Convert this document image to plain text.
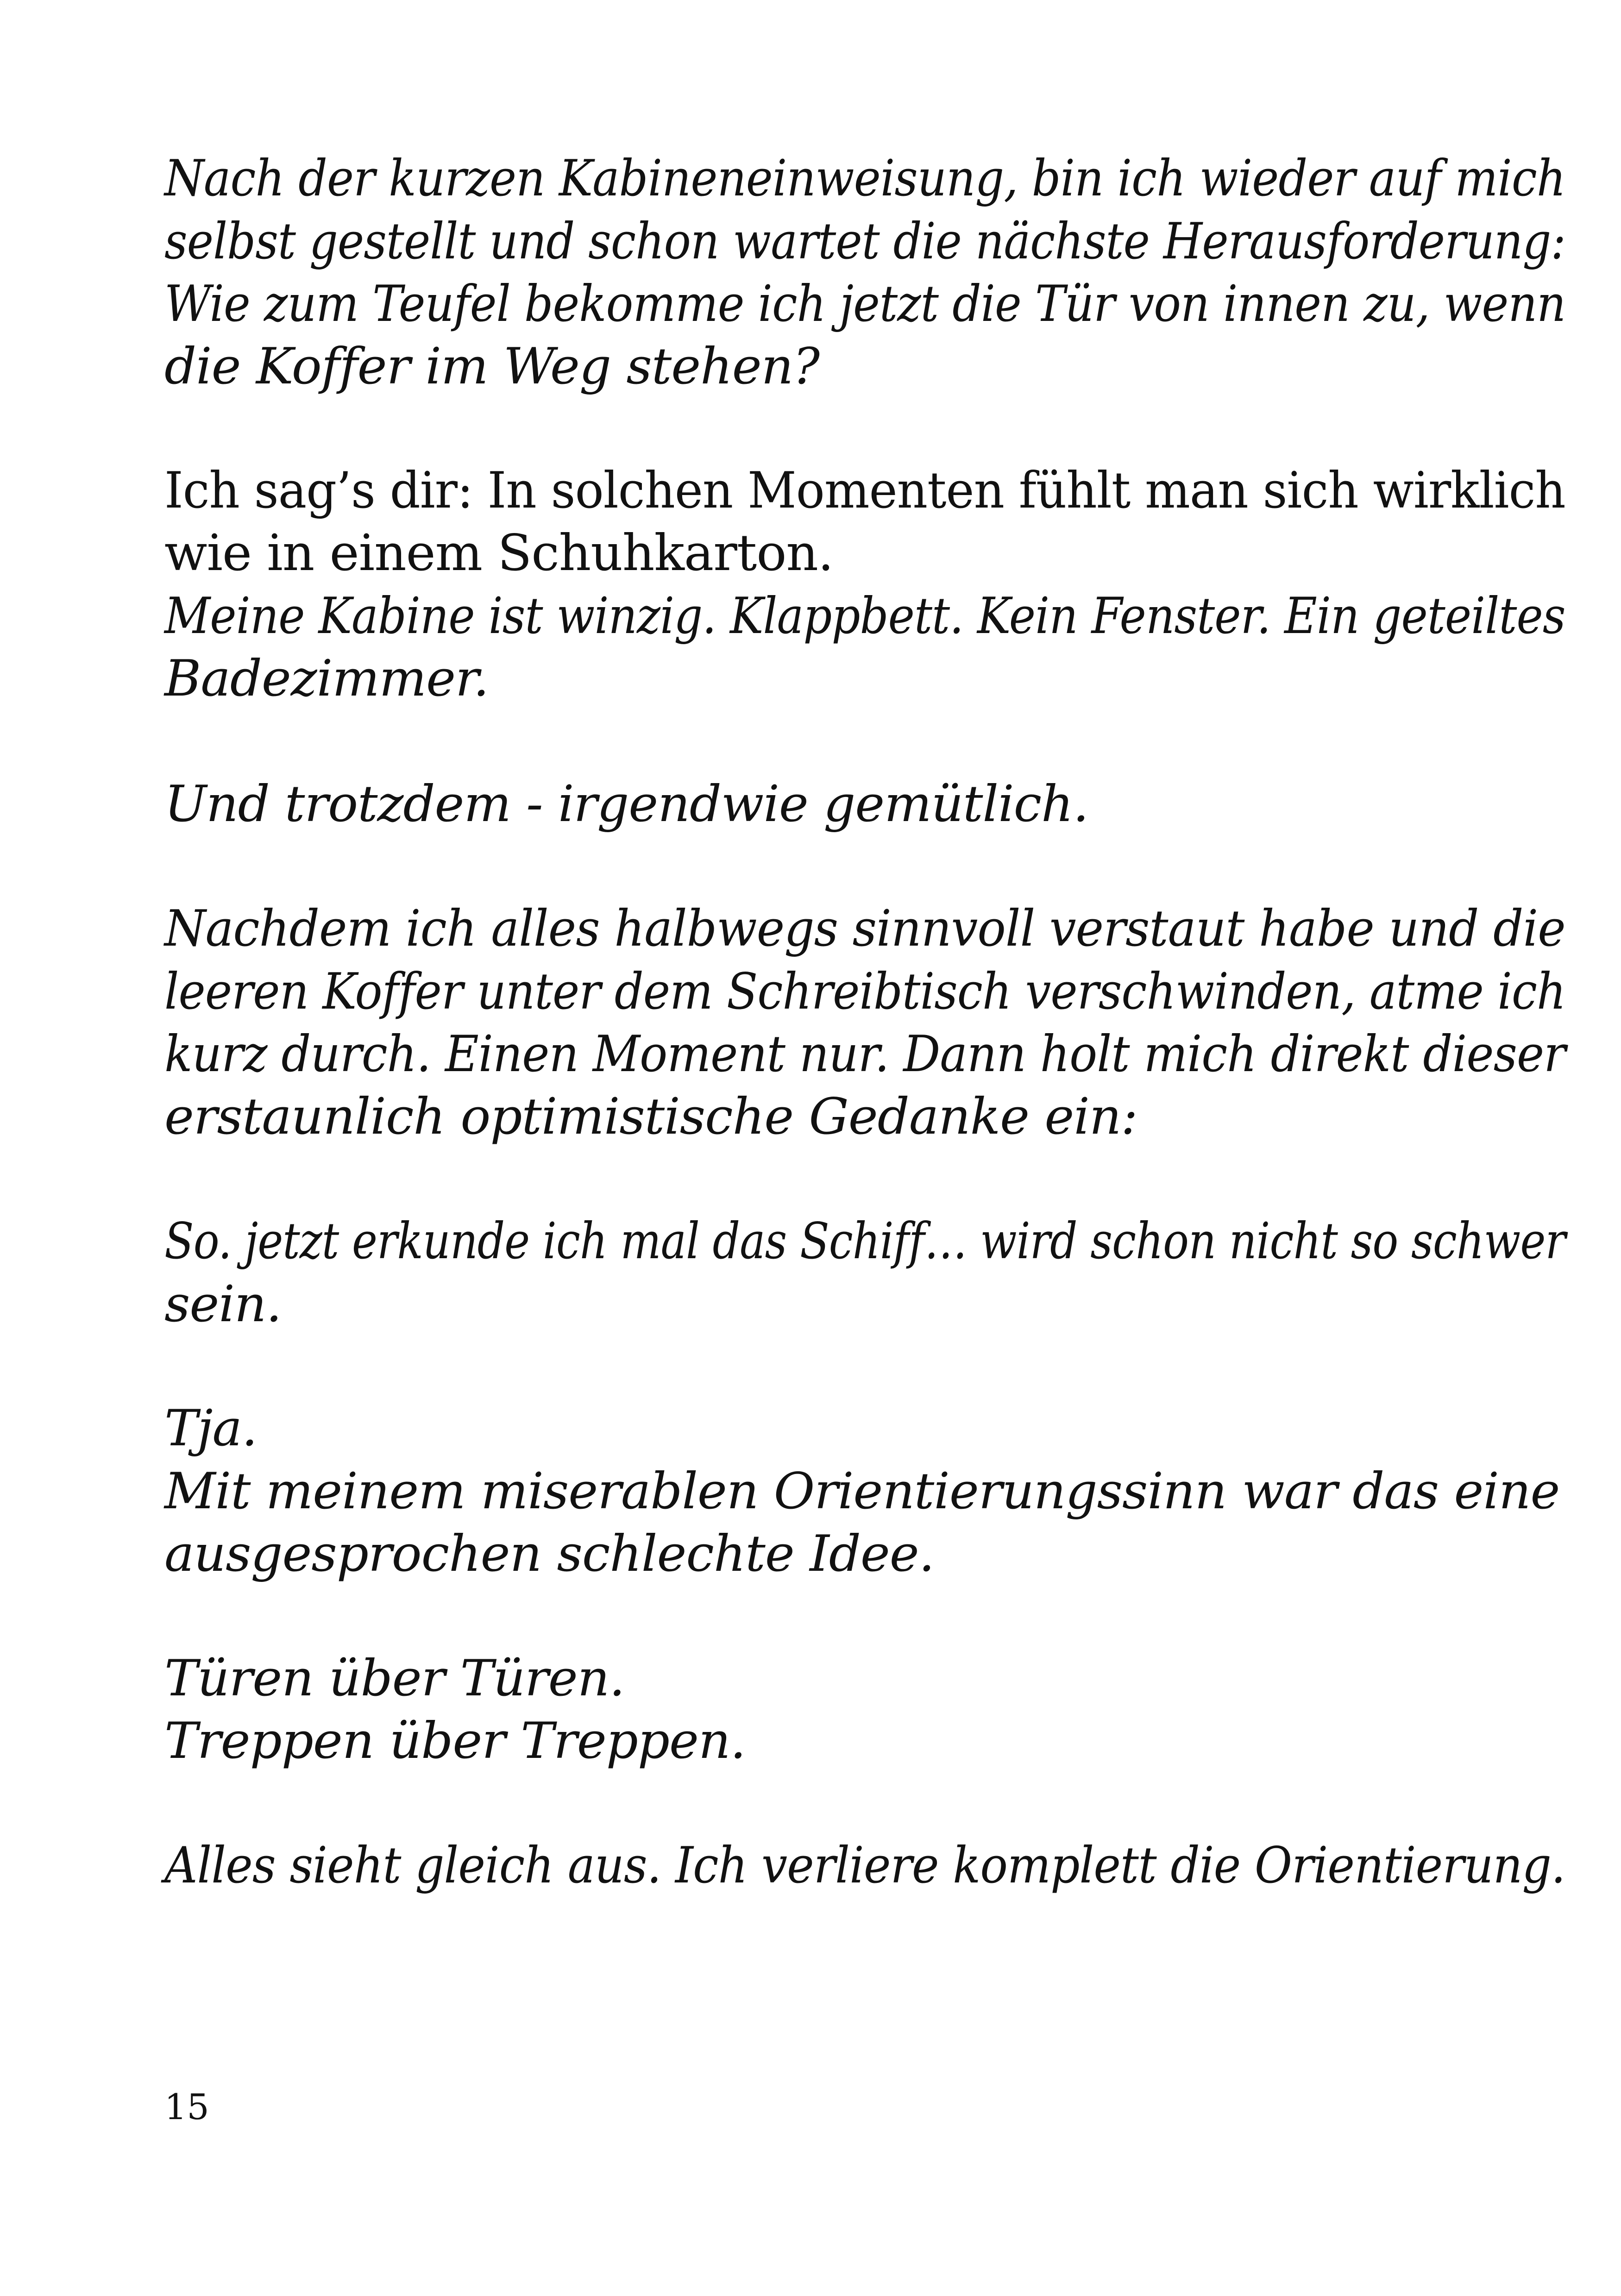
Nach der kurzen Kabineneinweisung, bin ich wieder auf mich
selbst gestellt und schon wartet die nächste Herausforderung:
Wie zum Teufel bekomme ich jetzt die Tür von innen zu, wenn
die Koffer im Weg stehen?
Ich sag’s dir: In solchen Momenten fühlt man sich wirklich
wie in einem Schuhkarton.
Meine Kabine ist winzig. Klappbett. Kein Fenster. Ein geteiltes
Badezimmer.
Und trotzdem - irgendwie gemütlich.
Nachdem ich alles halbwegs sinnvoll verstaut habe und die
leeren Koffer unter dem Schreibtisch verschwinden, atme ich
kurz durch. Einen Moment nur. Dann holt mich direkt dieser
erstaunlich optimistische Gedanke ein:
So. jetzt erkunde ich mal das Schiff… wird schon nicht so schwer
sein.
Tja.
Mit meinem miserablen Orientierungssinn war das eine
ausgesprochen schlechte Idee.
Türen über Türen.
Treppen über Treppen.
Alles sieht gleich aus. Ich verliere komplett die Orientierung.
15
